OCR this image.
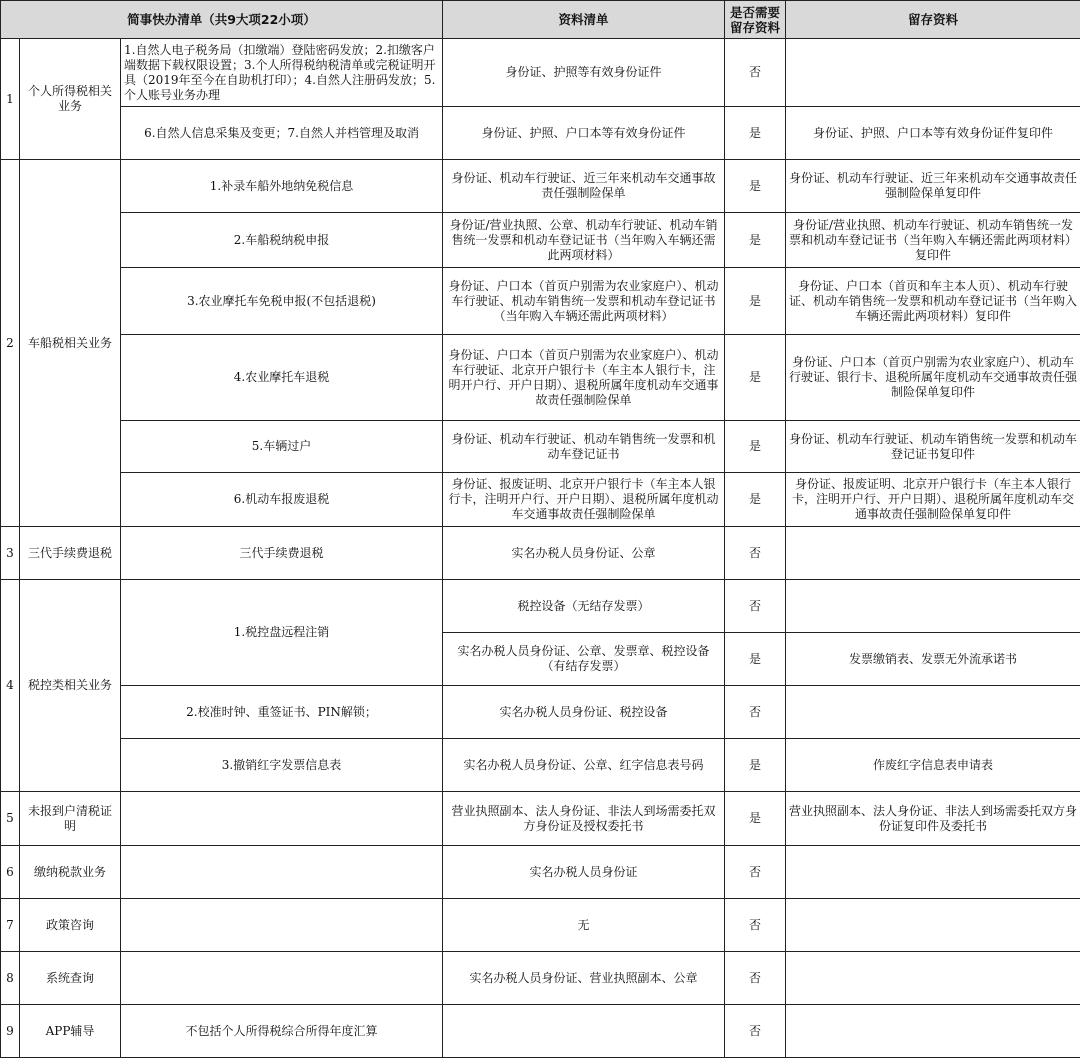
简事快办清单（共9大项22小项）			资料清单	是否需要留存资料	留存资料
1	个人所得税相关业务	1.自然人电子税务局（扣缴端）登陆密码发放；2.扣缴客户端数据下载权限设置；3.个人所得税纳税清单或完税证明开具（2019年至今在自助机打印）；4.自然人注册码发放；5.个人账号业务办理	身份证、护照等有效身份证件	否	
		6.自然人信息采集及变更；7.自然人并档管理及取消	身份证、护照、户口本等有效身份证件	是	身份证、护照、户口本等有效身份证件复印件
2	车船税相关业务	1.补录车船外地纳免税信息	身份证、机动车行驶证、近三年来机动车交通事故责任强制险保单	是	身份证、机动车行驶证、近三年来机动车交通事故责任强制险保单复印件
		2.车船税纳税申报	身份证/营业执照、公章、机动车行驶证、机动车销售统一发票和机动车登记证书（当年购入车辆还需此两项材料）	是	身份证/营业执照、机动车行驶证、机动车销售统一发票和机动车登记证书（当年购入车辆还需此两项材料）复印件
		3.农业摩托车免税申报(不包括退税)	身份证、户口本（首页户别需为农业家庭户）、机动车行驶证、机动车销售统一发票和机动车登记证书（当年购入车辆还需此两项材料）	是	身份证、户口本（首页和车主本人页）、机动车行驶证、机动车销售统一发票和机动车登记证书（当年购入车辆还需此两项材料）复印件
		4.农业摩托车退税	身份证、户口本（首页户别需为农业家庭户）、机动车行驶证、北京开户银行卡（车主本人银行卡，注明开户行、开户日期）、退税所属年度机动车交通事故责任强制险保单	是	身份证、户口本（首页户别需为农业家庭户）、机动车行驶证、银行卡、退税所属年度机动车交通事故责任强制险保单复印件
		5.车辆过户	身份证、机动车行驶证、机动车销售统一发票和机动车登记证书	是	身份证、机动车行驶证、机动车销售统一发票和机动车登记证书复印件
		6.机动车报废退税	身份证、报废证明、北京开户银行卡（车主本人银行卡，注明开户行、开户日期）、退税所属年度机动车交通事故责任强制险保单	是	身份证、报废证明、北京开户银行卡（车主本人银行卡，注明开户行、开户日期）、退税所属年度机动车交通事故责任强制险保单复印件
3	三代手续费退税	三代手续费退税	实名办税人员身份证、公章	否	
4	税控类相关业务	1.税控盘远程注销	税控设备（无结存发票）	否	
			实名办税人员身份证、公章、发票章、税控设备（有结存发票）	是	发票缴销表、发票无外流承诺书
		2.校准时钟、重签证书、PIN解锁；	实名办税人员身份证、税控设备	否	
		3.撤销红字发票信息表	实名办税人员身份证、公章、红字信息表号码	是	作废红字信息表申请表
5	未报到户清税证明		营业执照副本、法人身份证、非法人到场需委托双方身份证及授权委托书	是	营业执照副本、法人身份证、非法人到场需委托双方身份证复印件及委托书
6	缴纳税款业务		实名办税人员身份证	否	
7	政策咨询		无	否	
8	系统查询		实名办税人员身份证、营业执照副本、公章	否	
9	APP辅导	不包括个人所得税综合所得年度汇算		否	
